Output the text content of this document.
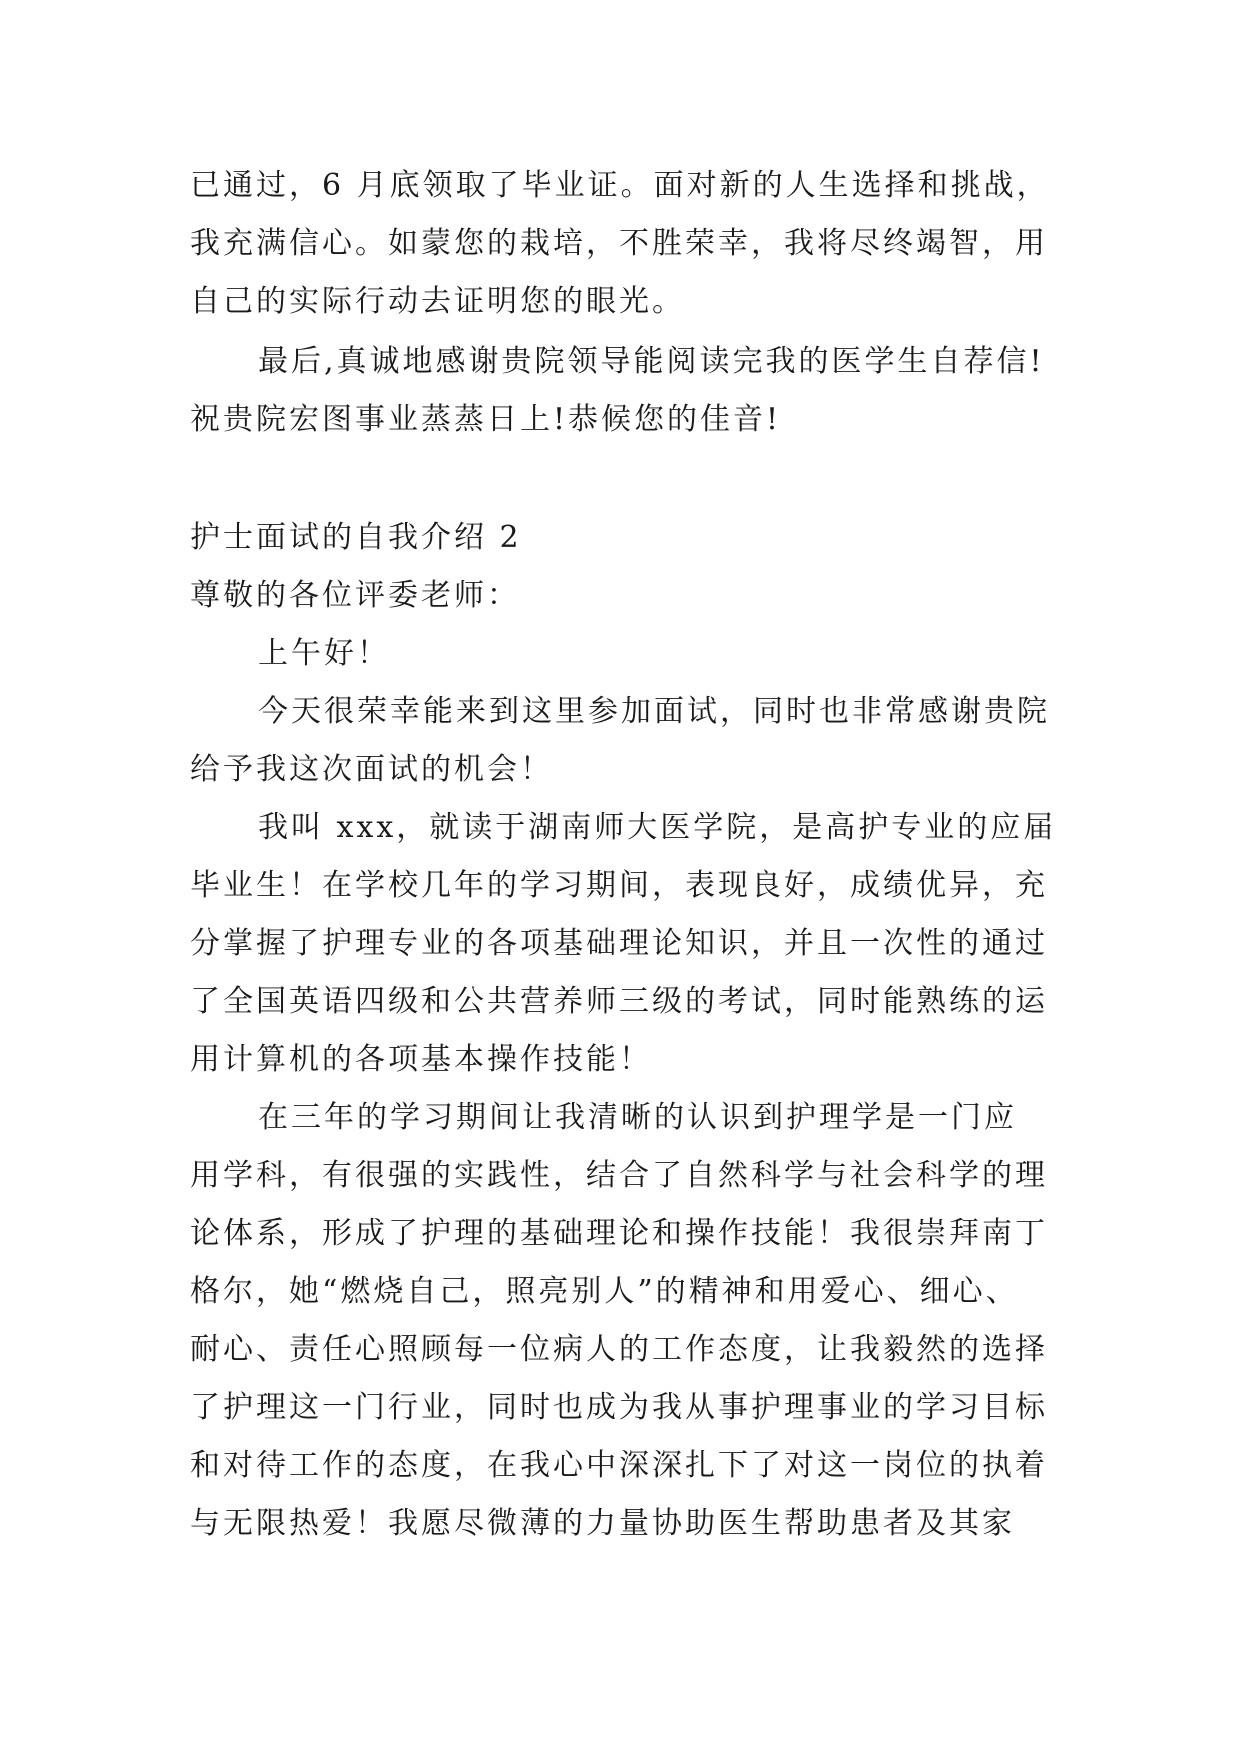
已通过，6 月底领取了毕业证。面对新的人生选择和挑战，
我充满信心。如蒙您的栽培，不胜荣幸，我将尽终竭智，用
自己的实际行动去证明您的眼光。
最后,真诚地感谢贵院领导能阅读完我的医学生自荐信!
祝贵院宏图事业蒸蒸日上!恭候您的佳音!
护士面试的自我介绍 2
尊敬的各位评委老师：
上午好！
今天很荣幸能来到这里参加面试，同时也非常感谢贵院
给予我这次面试的机会！
我叫 xxx，就读于湖南师大医学院，是高护专业的应届
毕业生！在学校几年的学习期间，表现良好，成绩优异，充
分掌握了护理专业的各项基础理论知识，并且一次性的通过
了全国英语四级和公共营养师三级的考试，同时能熟练的运
用计算机的各项基本操作技能！
在三年的学习期间让我清晰的认识到护理学是一门应
用学科，有很强的实践性，结合了自然科学与社会科学的理
论体系，形成了护理的基础理论和操作技能！我很崇拜南丁
格尔，她“燃烧自己，照亮别人”的精神和用爱心、细心、
耐心、责任心照顾每一位病人的工作态度，让我毅然的选择
了护理这一门行业，同时也成为我从事护理事业的学习目标
和对待工作的态度，在我心中深深扎下了对这一岗位的执着
与无限热爱！我愿尽微薄的力量协助医生帮助患者及其家
